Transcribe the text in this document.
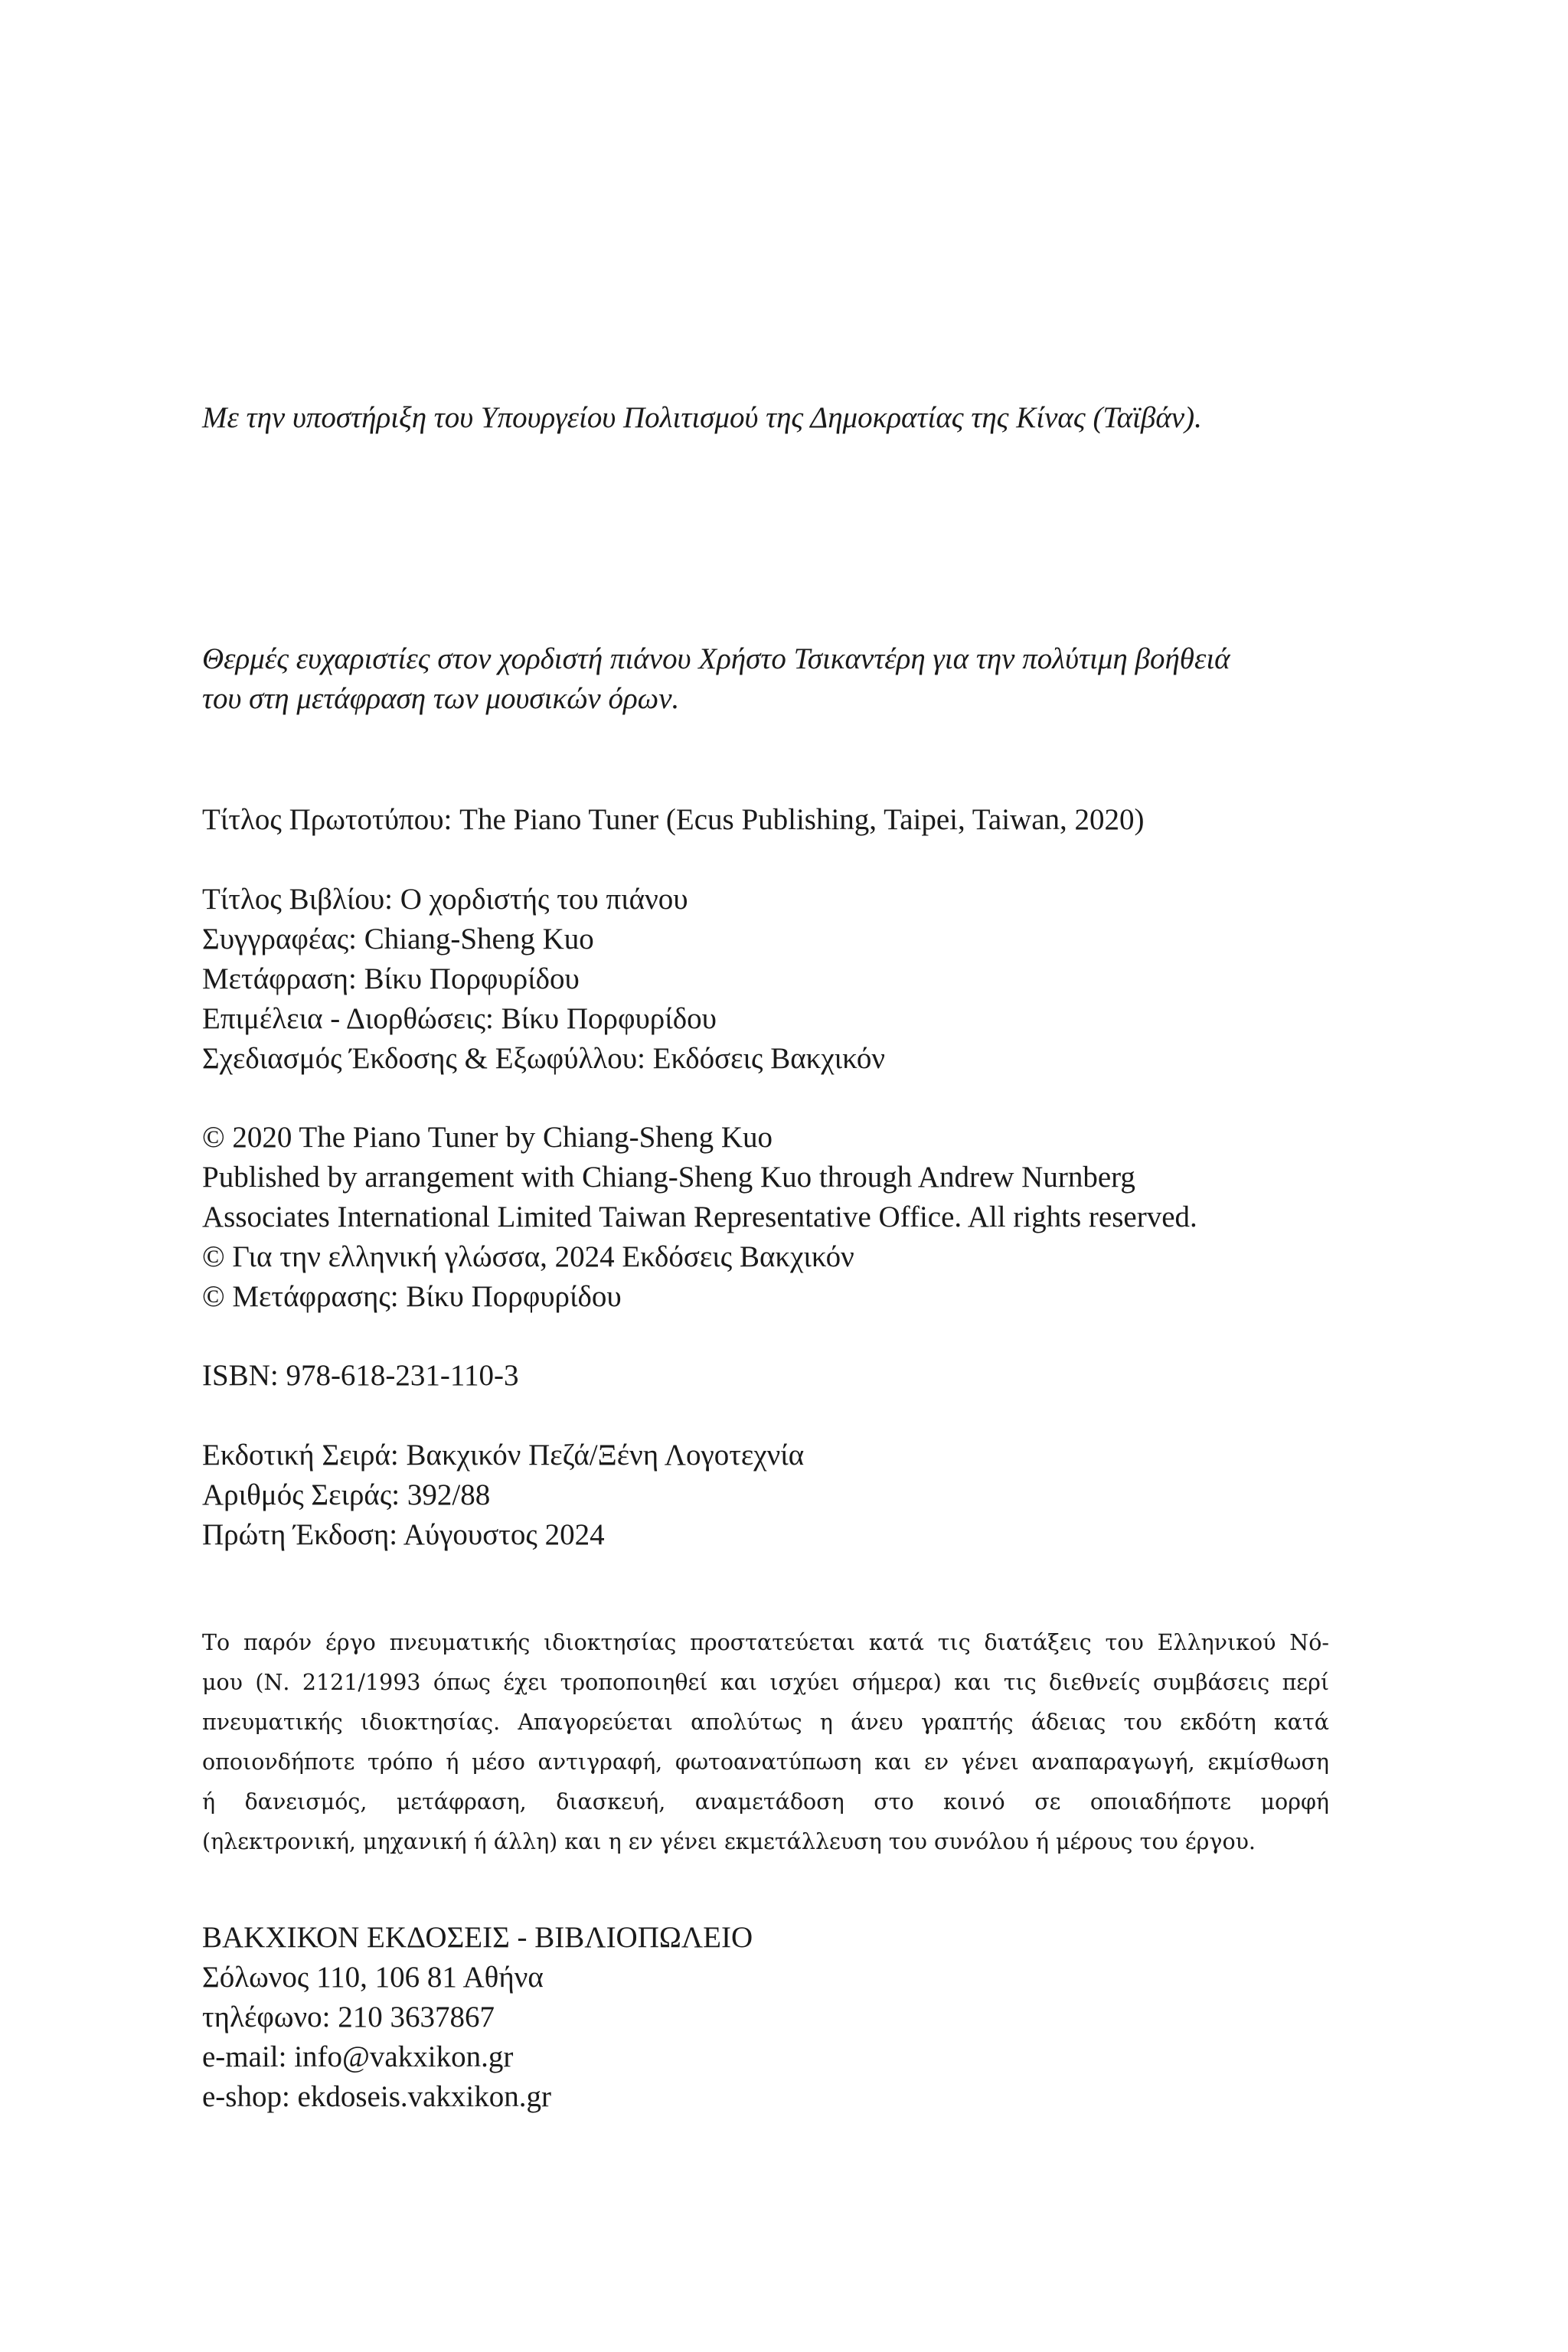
Με την υποστήριξη του Υπουργείου Πολιτισμού της Δημοκρατίας της Κίνας (Ταϊβάν).
Θερμές ευχαριστίες στον χορδιστή πιάνου Χρήστο Τσικαντέρη για την πολύτιμη βοήθειά
του στη μετάφραση των μουσικών όρων.
Τίτλος Πρωτοτύπου: The Piano Tuner (Ecus Publishing, Taipei, Taiwan, 2020)
Τίτλος Βιβλίου: Ο χορδιστής του πιάνου
Συγγραφέας: Chiang-Sheng Kuo
Μετάφραση: Βίκυ Πορφυρίδου
Επιμέλεια - Διορθώσεις: Βίκυ Πορφυρίδου
Σχεδιασμός Έκδοσης & Εξωφύλλου: Εκδόσεις Βακχικόν
© 2020 The Piano Tuner by Chiang-Sheng Kuo
Published by arrangement with Chiang-Sheng Kuo through Andrew Nurnberg
Associates International Limited Taiwan Representative Office. All rights reserved.
© Για την ελληνική γλώσσα, 2024 Εκδόσεις Βακχικόν
© Μετάφρασης: Βίκυ Πορφυρίδου
ISBN: 978-618-231-110-3
Εκδοτική Σειρά: Βακχικόν Πεζά/Ξένη Λογοτεχνία
Αριθμός Σειράς: 392/88
Πρώτη Έκδοση: Αύγουστος 2024
Το παρόν έργο πνευματικής ιδιοκτησίας προστατεύεται κατά τις διατάξεις του Ελληνικού Νό-
μου (Ν. 2121/1993 όπως έχει τροποποιηθεί και ισχύει σήμερα) και τις διεθνείς συμβάσεις περί
πνευματικής ιδιοκτησίας. Απαγορεύεται απολύτως η άνευ γραπτής άδειας του εκδότη κατά
οποιονδήποτε τρόπο ή μέσο αντιγραφή, φωτοανατύπωση και εν γένει αναπαραγωγή, εκμίσθωση
ή δανεισμός, μετάφραση, διασκευή, αναμετάδοση στο κοινό σε οποιαδήποτε μορφή
(ηλεκτρονική, μηχανική ή άλλη) και η εν γένει εκμετάλλευση του συνόλου ή μέρους του έργου.
ΒΑΚΧΙΚΟΝ ΕΚΔΟΣΕΙΣ - ΒΙΒΛΙΟΠΩΛΕΙΟ
Σόλωνος 110, 106 81 Αθήνα
τηλέφωνο: 210 3637867
e-mail: info@vakxikon.gr
e-shop: ekdoseis.vakxikon.gr
